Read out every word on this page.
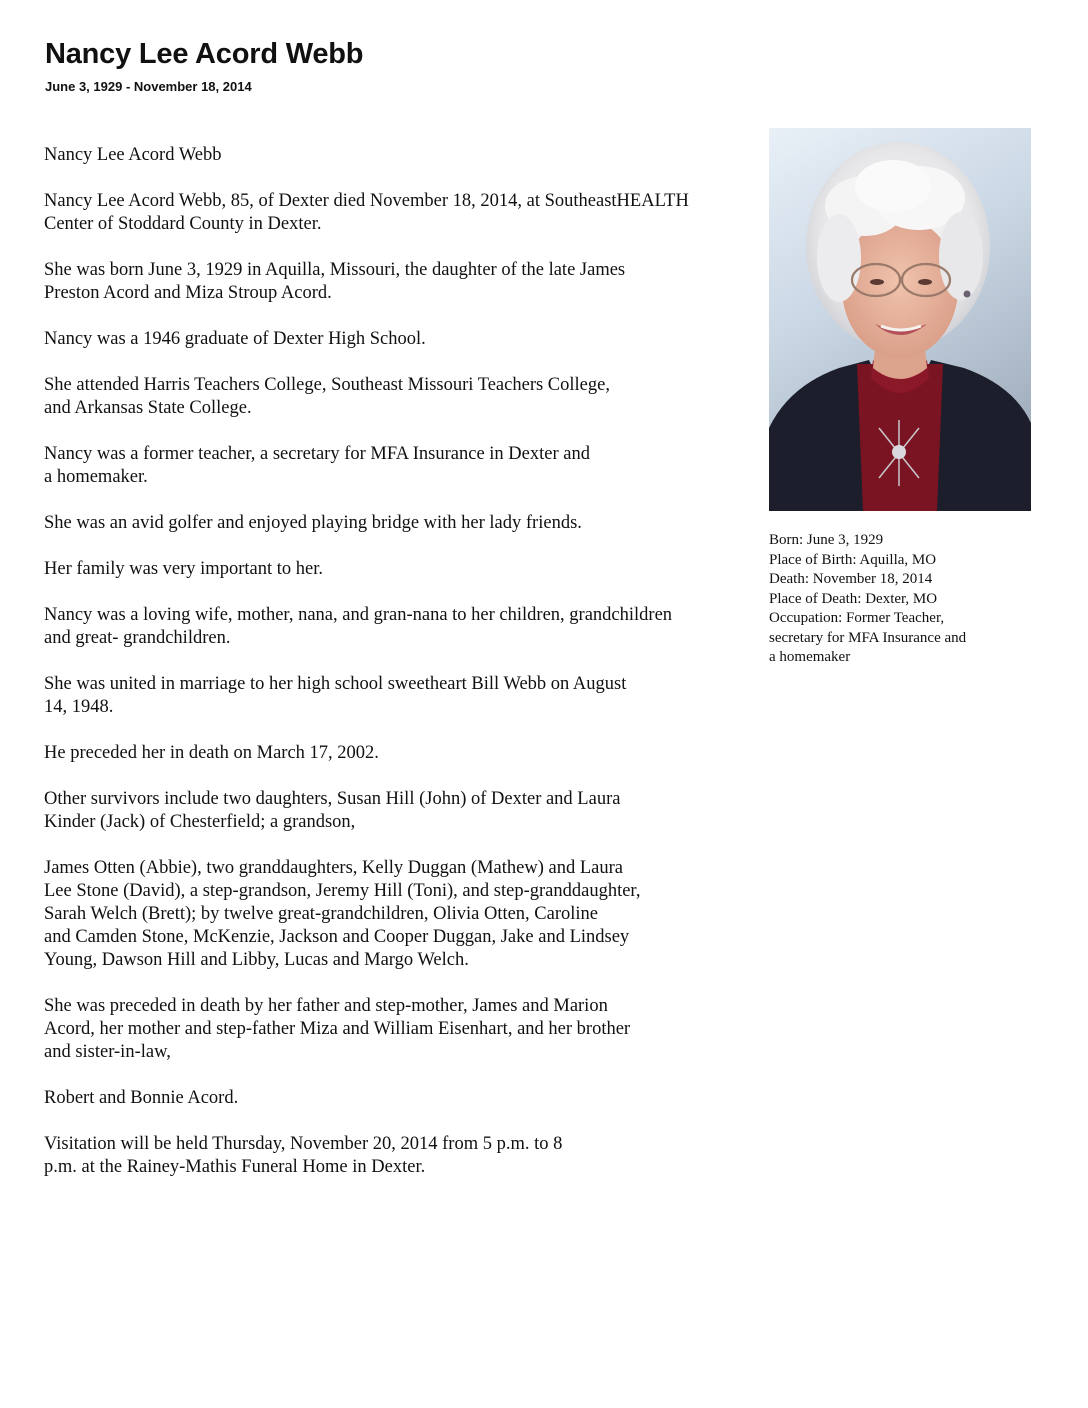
Nancy Lee Acord Webb
June 3, 1929 - November 18, 2014

Nancy Lee Acord Webb

Nancy Lee Acord Webb, 85, of Dexter died November 18, 2014, at SoutheastHEALTH
Center of Stoddard County in Dexter.

She was born June 3, 1929 in Aquilla, Missouri, the daughter of the late James
Preston Acord and Miza Stroup Acord.

Nancy was a 1946 graduate of Dexter High School.

She attended Harris Teachers College, Southeast Missouri Teachers College,
and Arkansas State College.

Nancy was a former teacher, a secretary for MFA Insurance in Dexter and
a homemaker.

She was an avid golfer and enjoyed playing bridge with her lady friends.

Her family was very important to her.

Nancy was a loving wife, mother, nana, and gran-nana to her children, grandchildren
and great- grandchildren.

She was united in marriage to her high school sweetheart Bill Webb on August
14, 1948.

He preceded her in death on March 17, 2002.

Other survivors include two daughters, Susan Hill (John) of Dexter and Laura
Kinder (Jack) of Chesterfield; a grandson,

James Otten (Abbie), two granddaughters, Kelly Duggan (Mathew) and Laura
Lee Stone (David), a step-grandson, Jeremy Hill (Toni), and step-granddaughter,
Sarah Welch (Brett); by twelve great-grandchildren, Olivia Otten, Caroline
and Camden Stone, McKenzie, Jackson and Cooper Duggan, Jake and Lindsey
Young, Dawson Hill and Libby, Lucas and Margo Welch.

She was preceded in death by her father and step-mother, James and Marion
Acord, her mother and step-father Miza and William Eisenhart, and her brother
and sister-in-law,

Robert and Bonnie Acord.

Visitation will be held Thursday, November 20, 2014 from 5 p.m. to 8
p.m. at the Rainey-Mathis Funeral Home in Dexter.

Born: June 3, 1929
Place of Birth: Aquilla, MO
Death: November 18, 2014
Place of Death: Dexter, MO
Occupation: Former Teacher,
secretary for MFA Insurance and
a homemaker
